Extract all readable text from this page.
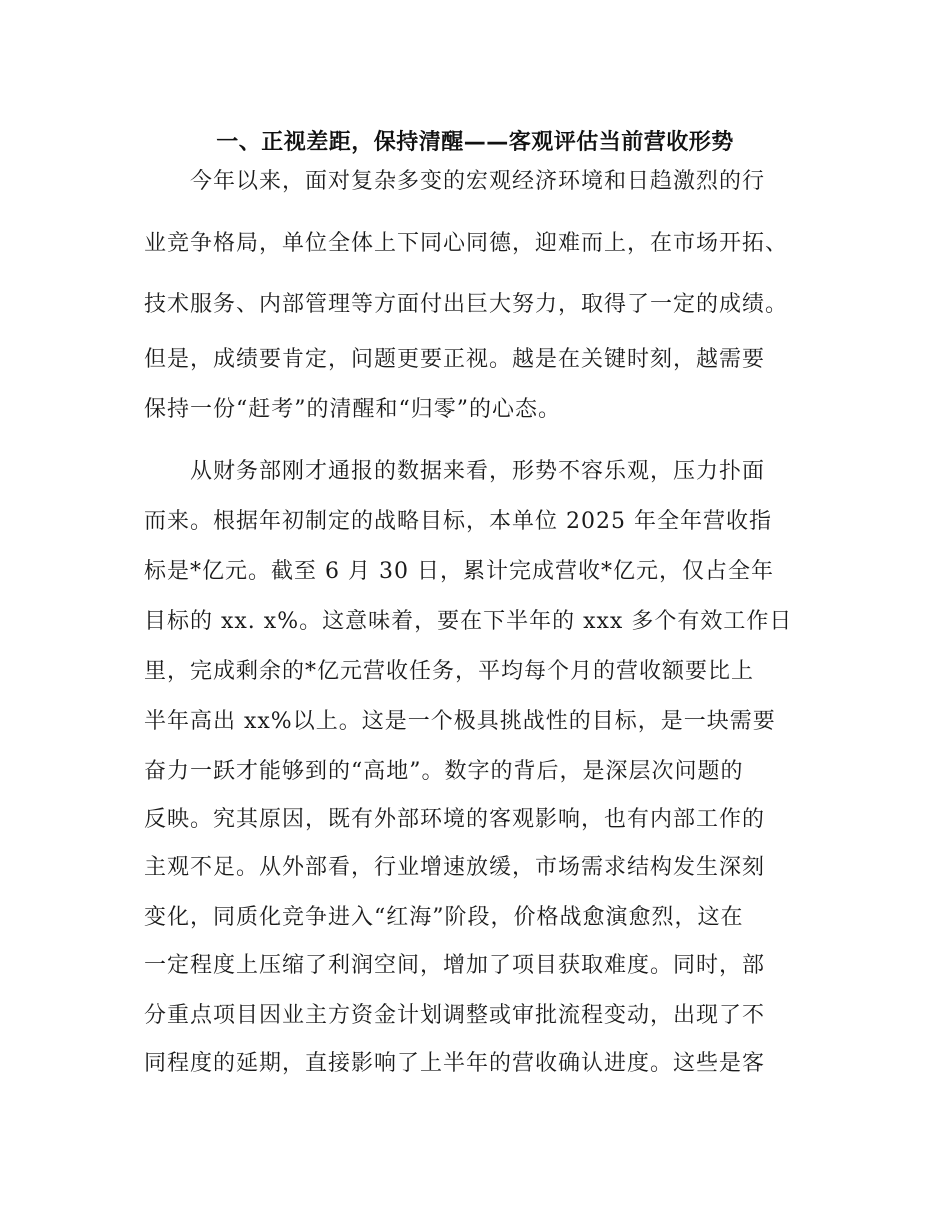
一、正视差距，保持清醒——客观评估当前营收形势
今年以来，面对复杂多变的宏观经济环境和日趋激烈的行
业竞争格局，单位全体上下同心同德，迎难而上，在市场开拓、
技术服务、内部管理等方面付出巨大努力，取得了一定的成绩。
但是，成绩要肯定，问题更要正视。越是在关键时刻，越需要
保持一份“赶考”的清醒和“归零”的心态。
从财务部刚才通报的数据来看，形势不容乐观，压力扑面
而来。根据年初制定的战略目标，本单位 2025 年全年营收指
标是*亿元。截至 6 月 30 日，累计完成营收*亿元，仅占全年
目标的 xx. x%。这意味着，要在下半年的 xxx 多个有效工作日
里，完成剩余的*亿元营收任务，平均每个月的营收额要比上
半年高出 xx%以上。这是一个极具挑战性的目标，是一块需要
奋力一跃才能够到的“高地”。数字的背后，是深层次问题的
反映。究其原因，既有外部环境的客观影响，也有内部工作的
主观不足。从外部看，行业增速放缓，市场需求结构发生深刻
变化，同质化竞争进入“红海”阶段，价格战愈演愈烈，这在
一定程度上压缩了利润空间，增加了项目获取难度。同时，部
分重点项目因业主方资金计划调整或审批流程变动，出现了不
同程度的延期，直接影响了上半年的营收确认进度。这些是客
